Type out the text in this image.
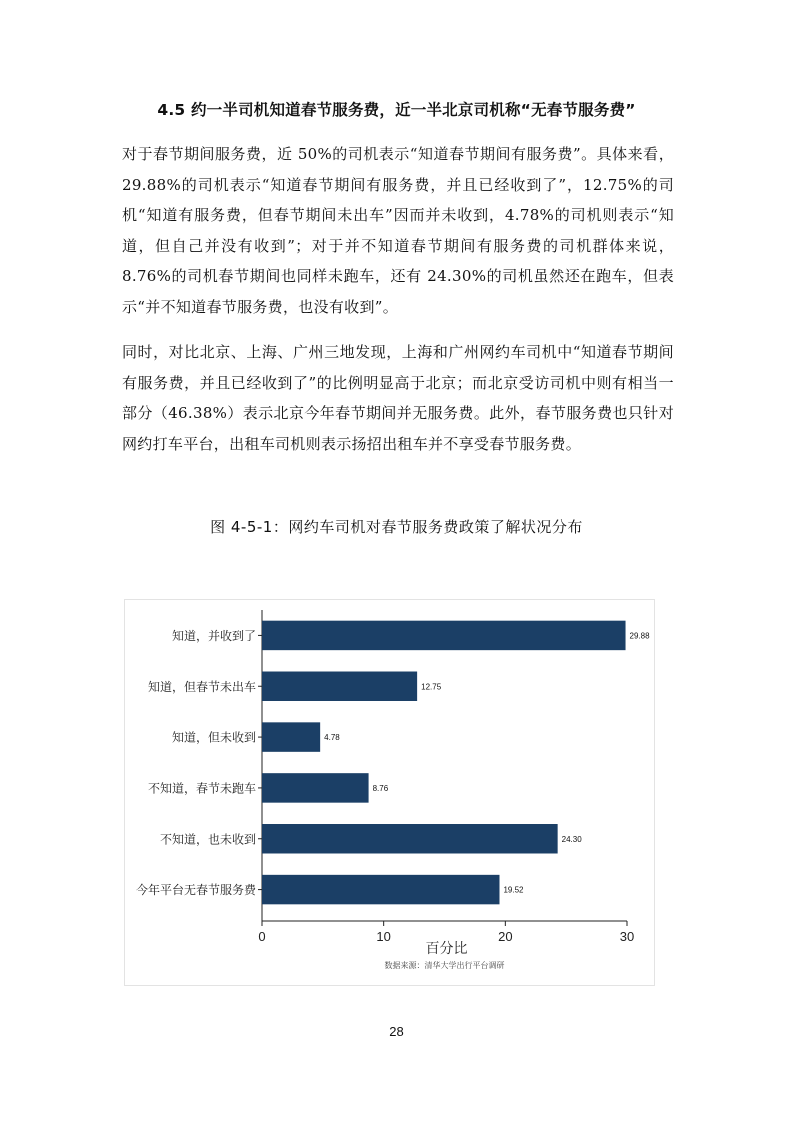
4.5 约一半司机知道春节服务费，近一半北京司机称“无春节服务费”
对于春节期间服务费，近 50%的司机表示“知道春节期间有服务费”。具体来看，29.88%的司机表示“知道春节期间有服务费，并且已经收到了”，12.75%的司机“知道有服务费，但春节期间未出车”因而并未收到，4.78%的司机则表示“知道，但自己并没有收到”；对于并不知道春节期间有服务费的司机群体来说，8.76%的司机春节期间也同样未跑车，还有 24.30%的司机虽然还在跑车，但表示“并不知道春节服务费，也没有收到”。
同时，对比北京、上海、广州三地发现，上海和广州网约车司机中“知道春节期间有服务费，并且已经收到了”的比例明显高于北京；而北京受访司机中则有相当一部分（46.38%）表示北京今年春节期间并无服务费。此外，春节服务费也只针对网约打车平台，出租车司机则表示扬招出租车并不享受春节服务费。
图 4-5-1：网约车司机对春节服务费政策了解状况分布
知道，并收到了	29.88
知道，但春节未出车	12.75
知道，但未收到	4.78
不知道，春节未跑车	8.76
不知道，也未收到	24.30
今年平台无春节服务费	19.52
0	10	20	30
百分比
数据来源：清华大学出行平台调研
28
